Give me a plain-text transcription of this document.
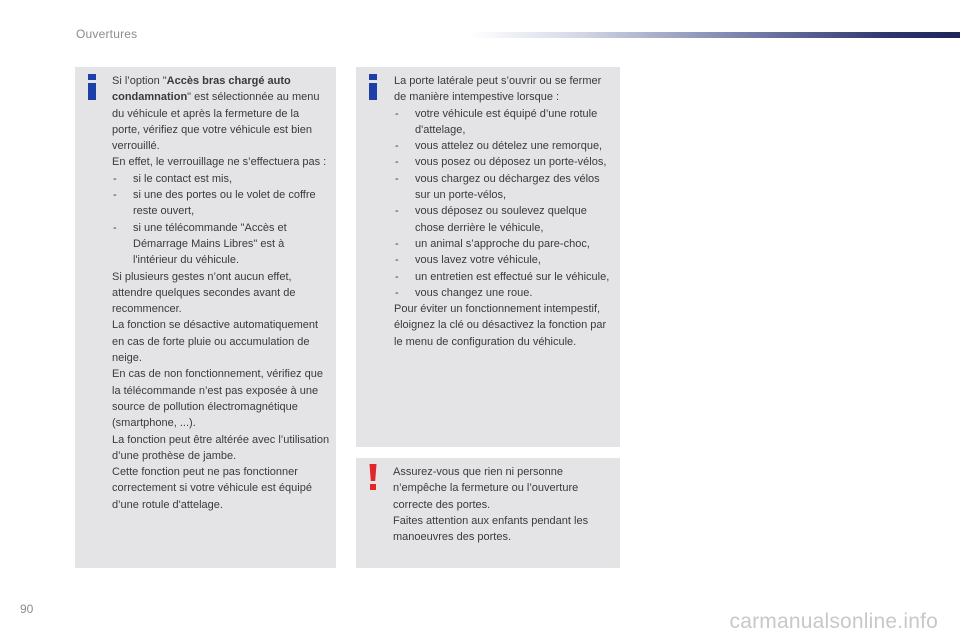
Ouvertures

Si l’option "Accès bras chargé auto condamnation" est sélectionnée au menu du véhicule et après la fermeture de la porte, vérifiez que votre véhicule est bien verrouillé.

En effet, le verrouillage ne s’effectuera pas :

-	si le contact est mis,
-	si une des portes ou le volet de coffre reste ouvert,
-	si une télécommande "Accès et Démarrage Mains Libres" est à l'intérieur du véhicule.

Si plusieurs gestes n’ont aucun effet, attendre quelques secondes avant de recommencer.

La fonction se désactive automatiquement en cas de forte pluie ou accumulation de neige.

En cas de non fonctionnement, vérifiez que la télécommande n’est pas exposée à une source de pollution électromagnétique (smartphone, ...).

La fonction peut être altérée avec l’utilisation d’une prothèse de jambe.

Cette fonction peut ne pas fonctionner correctement si votre véhicule est équipé d’une rotule d'attelage.

La porte latérale peut s’ouvrir ou se fermer de manière intempestive lorsque :

-	votre véhicule est équipé d’une rotule d'attelage,
-	vous attelez ou dételez une remorque,
-	vous posez ou déposez un porte-vélos,
-	vous chargez ou déchargez des vélos sur un porte-vélos,
-	vous déposez ou soulevez quelque chose derrière le véhicule,
-	un animal s’approche du pare-choc,
-	vous lavez votre véhicule,
-	un entretien est effectué sur le véhicule,
-	vous changez une roue.

Pour éviter un fonctionnement intempestif, éloignez la clé ou désactivez la fonction par le menu de configuration du véhicule.

Assurez-vous que rien ni personne n’empêche la fermeture ou l’ouverture correcte des portes.

Faites attention aux enfants pendant les manoeuvres des portes.

90
carmanualsonline.info
